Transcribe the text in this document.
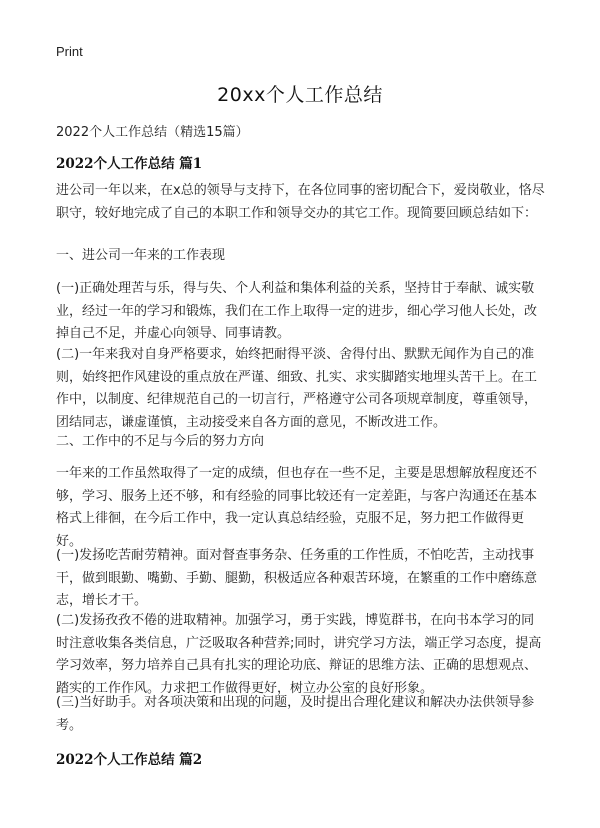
Print
20xx个人工作总结
2022个人工作总结（精选15篇）
2022个人工作总结 篇1

进公司一年以来，在x总的领导与支持下，在各位同事的密切配合下，爱岗敬业，恪尽职守，较好地完成了自己的本职工作和领导交办的其它工作。现简要回顾总结如下：

一、进公司一年来的工作表现

(一)正确处理苦与乐，得与失、个人利益和集体利益的关系，坚持甘于奉献、诚实敬业，经过一年的学习和锻炼，我们在工作上取得一定的进步，细心学习他人长处，改掉自己不足，并虚心向领导、同事请教。

(二)一年来我对自身严格要求，始终把耐得平淡、舍得付出、默默无闻作为自己的准则，始终把作风建设的重点放在严谨、细致、扎实、求实脚踏实地埋头苦干上。在工作中，以制度、纪律规范自己的一切言行，严格遵守公司各项规章制度，尊重领导，团结同志，谦虚谨慎，主动接受来自各方面的意见，不断改进工作。

二、工作中的不足与今后的努力方向

一年来的工作虽然取得了一定的成绩，但也存在一些不足，主要是思想解放程度还不够，学习、服务上还不够，和有经验的同事比较还有一定差距，与客户沟通还在基本格式上徘徊，在今后工作中，我一定认真总结经验，克服不足，努力把工作做得更好。

(一)发扬吃苦耐劳精神。面对督查事务杂、任务重的工作性质，不怕吃苦，主动找事干，做到眼勤、嘴勤、手勤、腿勤，积极适应各种艰苦环境，在繁重的工作中磨练意志，增长才干。

(二)发扬孜孜不倦的进取精神。加强学习，勇于实践，博览群书，在向书本学习的同时注意收集各类信息，广泛吸取各种营养;同时，讲究学习方法，端正学习态度，提高学习效率，努力培养自己具有扎实的理论功底、辩证的思维方法、正确的思想观点、踏实的工作作风。力求把工作做得更好，树立办公室的良好形象。

(三)当好助手。对各项决策和出现的问题，及时提出合理化建议和解决办法供领导参考。

2022个人工作总结 篇2
